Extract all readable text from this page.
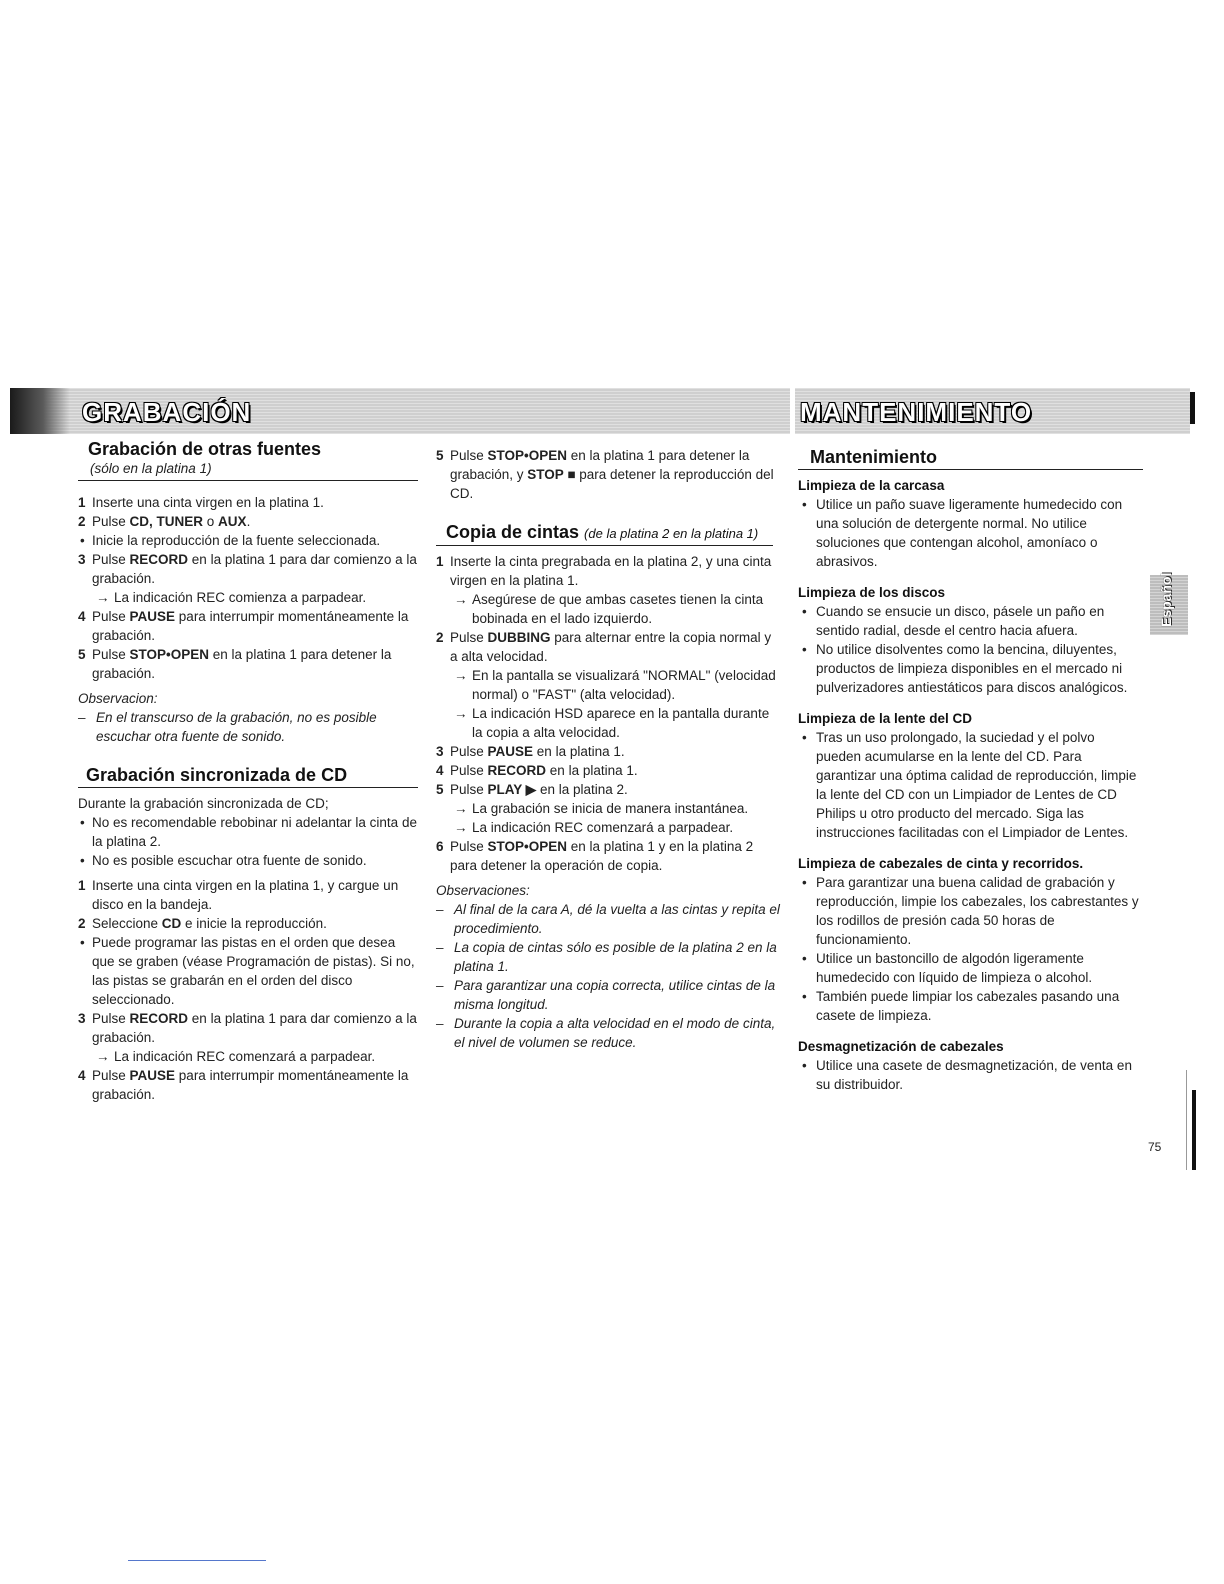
GRABACIÓN	MANTENIMIENTO
Español
Grabación de otras fuentes
(sólo en la platina 1)
1 Inserte una cinta virgen en la platina 1.
2 Pulse CD, TUNER o AUX.
• Inicie la reproducción de la fuente seleccionada.
3 Pulse RECORD en la platina 1 para dar comienzo a la grabación.
→ La indicación REC comienza a parpadear.
4 Pulse PAUSE para interrumpir momentáneamente la grabación.
5 Pulse STOP•OPEN en la platina 1 para detener la grabación.
Observacion:
– En el transcurso de la grabación, no es posible escuchar otra fuente de sonido.
Grabación sincronizada de CD
Durante la grabación sincronizada de CD;
• No es recomendable rebobinar ni adelantar la cinta de la platina 2.
• No es posible escuchar otra fuente de sonido.
1 Inserte una cinta virgen en la platina 1, y cargue un disco en la bandeja.
2 Seleccione CD e inicie la reproducción.
• Puede programar las pistas en el orden que desea que se graben (véase Programación de pistas). Si no, las pistas se grabarán en el orden del disco seleccionado.
3 Pulse RECORD en la platina 1 para dar comienzo a la grabación.
→ La indicación REC comenzará a parpadear.
4 Pulse PAUSE para interrumpir momentáneamente la grabación.
5 Pulse STOP•OPEN en la platina 1 para detener la grabación, y STOP ■ para detener la reproducción del CD.
Copia de cintas (de la platina 2 en la platina 1)
1 Inserte la cinta pregrabada en la platina 2, y una cinta virgen en la platina 1.
→ Asegúrese de que ambas casetes tienen la cinta bobinada en el lado izquierdo.
2 Pulse DUBBING para alternar entre la copia normal y a alta velocidad.
→ En la pantalla se visualizará "NORMAL" (velocidad normal) o "FAST" (alta velocidad).
→ La indicación HSD aparece en la pantalla durante la copia a alta velocidad.
3 Pulse PAUSE en la platina 1.
4 Pulse RECORD en la platina 1.
5 Pulse PLAY ▶ en la platina 2.
→ La grabación se inicia de manera instantánea.
→ La indicación REC comenzará a parpadear.
6 Pulse STOP•OPEN en la platina 1 y en la platina 2 para detener la operación de copia.
Observaciones:
– Al final de la cara A, dé la vuelta a las cintas y repita el procedimiento.
– La copia de cintas sólo es posible de la platina 2 en la platina 1.
– Para garantizar una copia correcta, utilice cintas de la misma longitud.
– Durante la copia a alta velocidad en el modo de cinta, el nivel de volumen se reduce.
Mantenimiento
Limpieza de la carcasa
• Utilice un paño suave ligeramente humedecido con una solución de detergente normal. No utilice soluciones que contengan alcohol, amoníaco o abrasivos.
Limpieza de los discos
• Cuando se ensucie un disco, pásele un paño en sentido radial, desde el centro hacia afuera.
• No utilice disolventes como la bencina, diluyentes, productos de limpieza disponibles en el mercado ni pulverizadores antiestáticos para discos analógicos.
Limpieza de la lente del CD
• Tras un uso prolongado, la suciedad y el polvo pueden acumularse en la lente del CD. Para garantizar una óptima calidad de reproducción, limpie la lente del CD con un Limpiador de Lentes de CD Philips u otro producto del mercado. Siga las instrucciones facilitadas con el Limpiador de Lentes.
Limpieza de cabezales de cinta y recorridos.
• Para garantizar una buena calidad de grabación y reproducción, limpie los cabezales, los cabrestantes y los rodillos de presión cada 50 horas de funcionamiento.
• Utilice un bastoncillo de algodón ligeramente humedecido con líquido de limpieza o alcohol.
• También puede limpiar los cabezales pasando una casete de limpieza.
Desmagnetización de cabezales
• Utilice una casete de desmagnetización, de venta en su distribuidor.
75
